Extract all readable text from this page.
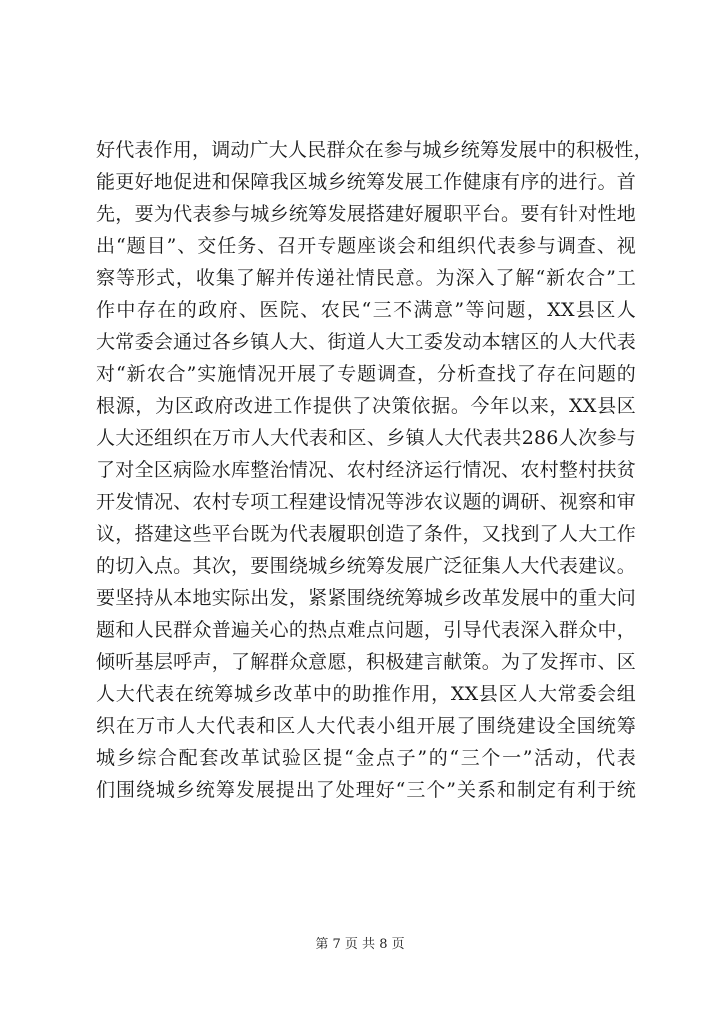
好代表作用，调动广大人民群众在参与城乡统筹发展中的积极性，
能更好地促进和保障我区城乡统筹发展工作健康有序的进行。首
先，要为代表参与城乡统筹发展搭建好履职平台。要有针对性地
出“题目”、交任务、召开专题座谈会和组织代表参与调查、视
察等形式，收集了解并传递社情民意。为深入了解“新农合”工
作中存在的政府、医院、农民“三不满意”等问题，XX县区人
大常委会通过各乡镇人大、街道人大工委发动本辖区的人大代表
对“新农合”实施情况开展了专题调查，分析查找了存在问题的
根源，为区政府改进工作提供了决策依据。今年以来，XX县区
人大还组织在万市人大代表和区、乡镇人大代表共286人次参与
了对全区病险水库整治情况、农村经济运行情况、农村整村扶贫
开发情况、农村专项工程建设情况等涉农议题的调研、视察和审
议，搭建这些平台既为代表履职创造了条件，又找到了人大工作
的切入点。其次，要围绕城乡统筹发展广泛征集人大代表建议。
要坚持从本地实际出发，紧紧围绕统筹城乡改革发展中的重大问
题和人民群众普遍关心的热点难点问题，引导代表深入群众中，
倾听基层呼声，了解群众意愿，积极建言献策。为了发挥市、区
人大代表在统筹城乡改革中的助推作用，XX县区人大常委会组
织在万市人大代表和区人大代表小组开展了围绕建设全国统筹
城乡综合配套改革试验区提“金点子”的“三个一”活动，代表
们围绕城乡统筹发展提出了处理好“三个”关系和制定有利于统
第 7 页 共 8 页
